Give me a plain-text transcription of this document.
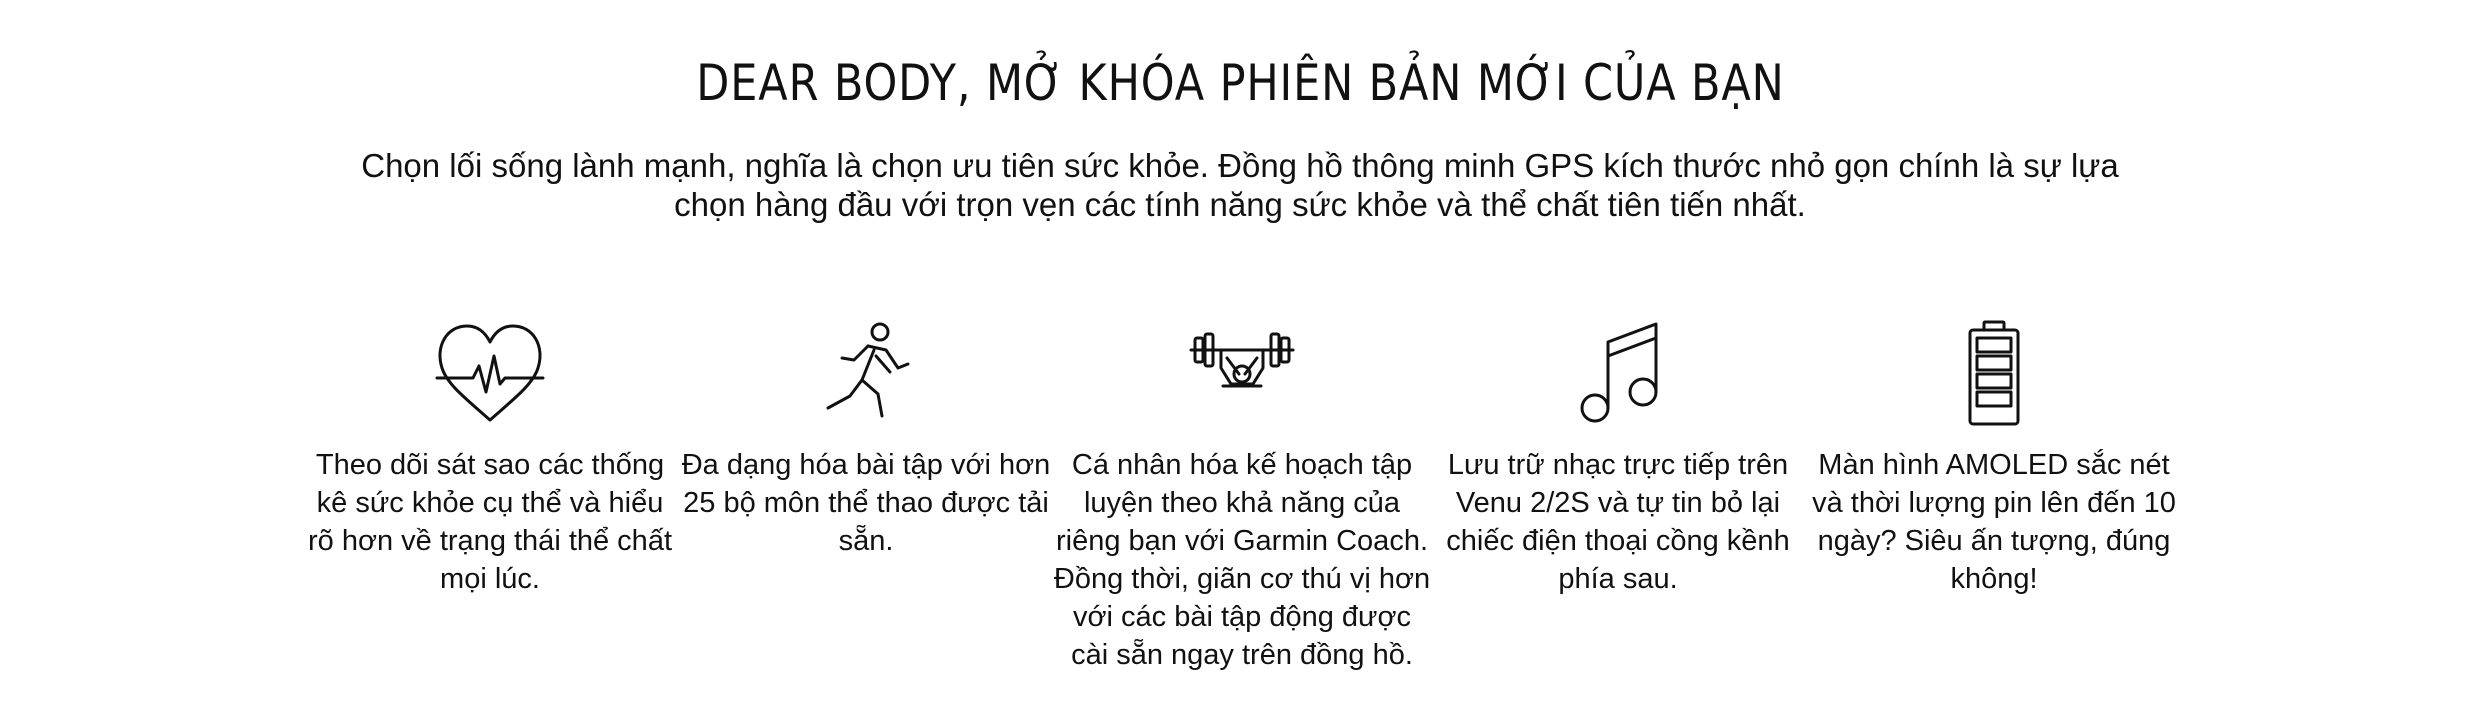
DEAR BODY, MỞ KHÓA PHIÊN BẢN MỚI CỦA BẠN

Chọn lối sống lành mạnh, nghĩa là chọn ưu tiên sức khỏe. Đồng hồ thông minh GPS kích thước nhỏ gọn chính là sự lựa chọn hàng đầu với trọn vẹn các tính năng sức khỏe và thể chất tiên tiến nhất.

Theo dõi sát sao các thống kê sức khỏe cụ thể và hiểu rõ hơn về trạng thái thể chất mọi lúc.

Đa dạng hóa bài tập với hơn 25 bộ môn thể thao được tải sẵn.

Cá nhân hóa kế hoạch tập luyện theo khả năng của riêng bạn với Garmin Coach. Đồng thời, giãn cơ thú vị hơn với các bài tập động được cài sẵn ngay trên đồng hồ.

Lưu trữ nhạc trực tiếp trên Venu 2/2S và tự tin bỏ lại chiếc điện thoại cồng kềnh phía sau.

Màn hình AMOLED sắc nét và thời lượng pin lên đến 10 ngày? Siêu ấn tượng, đúng không!
